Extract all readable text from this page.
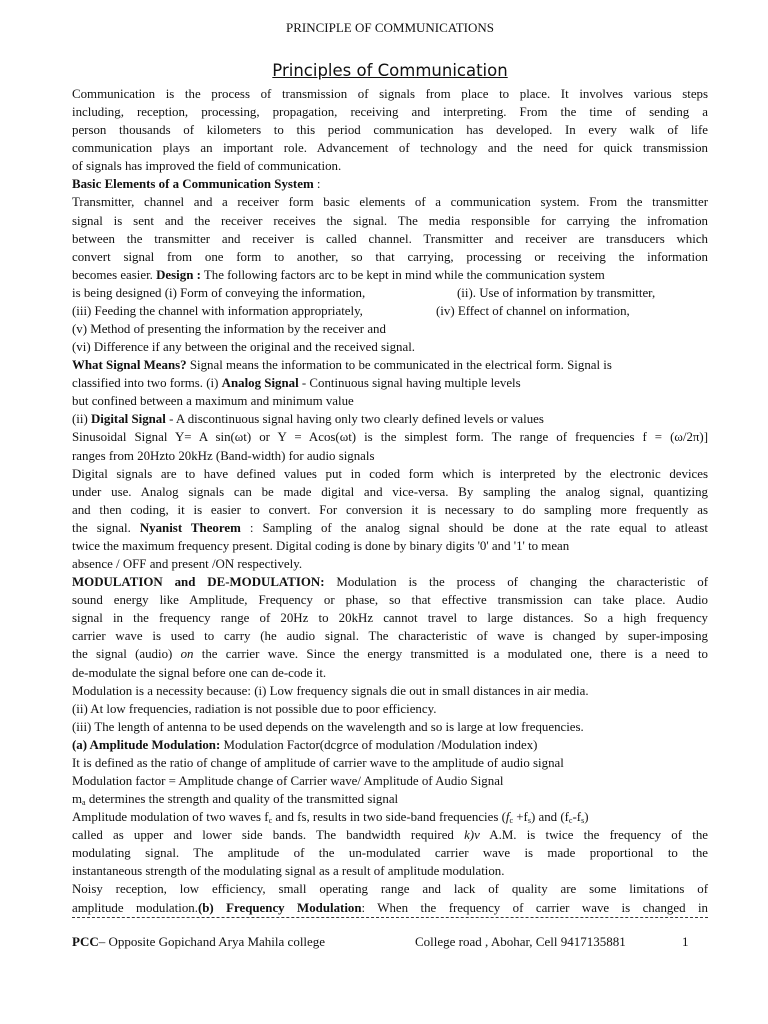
PRINCIPLE OF COMMUNICATIONS
Principles of Communication
Communication is the process of transmission of signals from place to place. It involves various steps
including, reception, processing, propagation, receiving and interpreting. From the time of sending a
person thousands of kilometers to this period communication has developed. In every walk of life
communication plays an important role. Advancement of technology and the need for quick transmission
of signals has improved the field of communication.
Basic Elements of a Communication System :
Transmitter, channel and a receiver form basic elements of a communication system. From the transmitter
signal is sent and the receiver receives the signal. The media responsible for carrying the infromation
between the transmitter and receiver is called channel. Transmitter and receiver are transducers which
convert signal from one form to another, so that carrying, processing or receiving the information
becomes easier. Design : The following factors arc to be kept in mind while the communication system
is being designed (i) Form of conveying the information,	(ii). Use of information by transmitter,
(iii) Feeding the channel with information appropriately,	(iv) Effect of channel on information,
(v) Method of presenting the information by the receiver and
(vi) Difference if any between the original and the received signal.
What Signal Means? Signal means the information to be communicated in the electrical form. Signal is
classified into two forms. (i) Analog Signal - Continuous signal having multiple levels
but confined between a maximum and minimum value
(ii) Digital Signal - A discontinuous signal having only two clearly defined levels or values
Sinusoidal Signal Y= A sin(ωt) or Y = Acos(ωt) is the simplest form. The range of frequencies f = (ω/2π)]
ranges from 20Hzto 20kHz (Band-width) for audio signals
Digital signals are to have defined values put in coded form which is interpreted by the electronic devices
under use. Analog signals can be made digital and vice-versa. By sampling the analog signal, quantizing
and then coding, it is easier to convert. For conversion it is necessary to do sampling more frequently as
the signal. Nyanist Theorem : Sampling of the analog signal should be done at the rate equal to atleast
twice the maximum frequency present. Digital coding is done by binary digits '0' and '1' to mean
absence / OFF and present /ON respectively.
MODULATION and DE-MODULATION: Modulation is the process of changing the characteristic of
sound energy like Amplitude, Frequency or phase, so that effective transmission can take place. Audio
signal in the frequency range of 20Hz to 20kHz cannot travel to large distances. So a high frequency
carrier wave is used to carry (he audio signal. The characteristic of wave is changed by super-imposing
the signal (audio) on the carrier wave. Since the energy transmitted is a modulated one, there is a need to
de-modulate the signal before one can de-code it.
Modulation is a necessity because: (i) Low frequency signals die out in small distances in air media.
(ii) At low frequencies, radiation is not possible due to poor efficiency.
(iii) The length of antenna to be used depends on the wavelength and so is large at low frequencies.
(a) Amplitude Modulation: Modulation Factor(dcgrce of modulation /Modulation index)
It is defined as the ratio of change of amplitude of carrier wave to the amplitude of audio signal
Modulation factor = Amplitude change of Carrier wave/ Amplitude of Audio Signal
$m_a$ determines the strength and quality of the transmitted signal
Amplitude modulation of two waves $f_c$ and fs, results in two side-band frequencies $(f_c +f_s)$ and $(f_c-f_s)$
called as upper and lower side bands. The bandwidth required k)v A.M. is twice the frequency of the
modulating signal. The amplitude of the un-modulated carrier wave is made proportional to the
instantaneous strength of the modulating signal as a result of amplitude modulation.
Noisy reception, low efficiency, small operating range and lack of quality are some limitations of
amplitude modulation.(b) Frequency Modulation: When the frequency of carrier wave is changed in
PCC – Opposite Gopichand Arya Mahila college	College road , Abohar, Cell 9417135881	1
